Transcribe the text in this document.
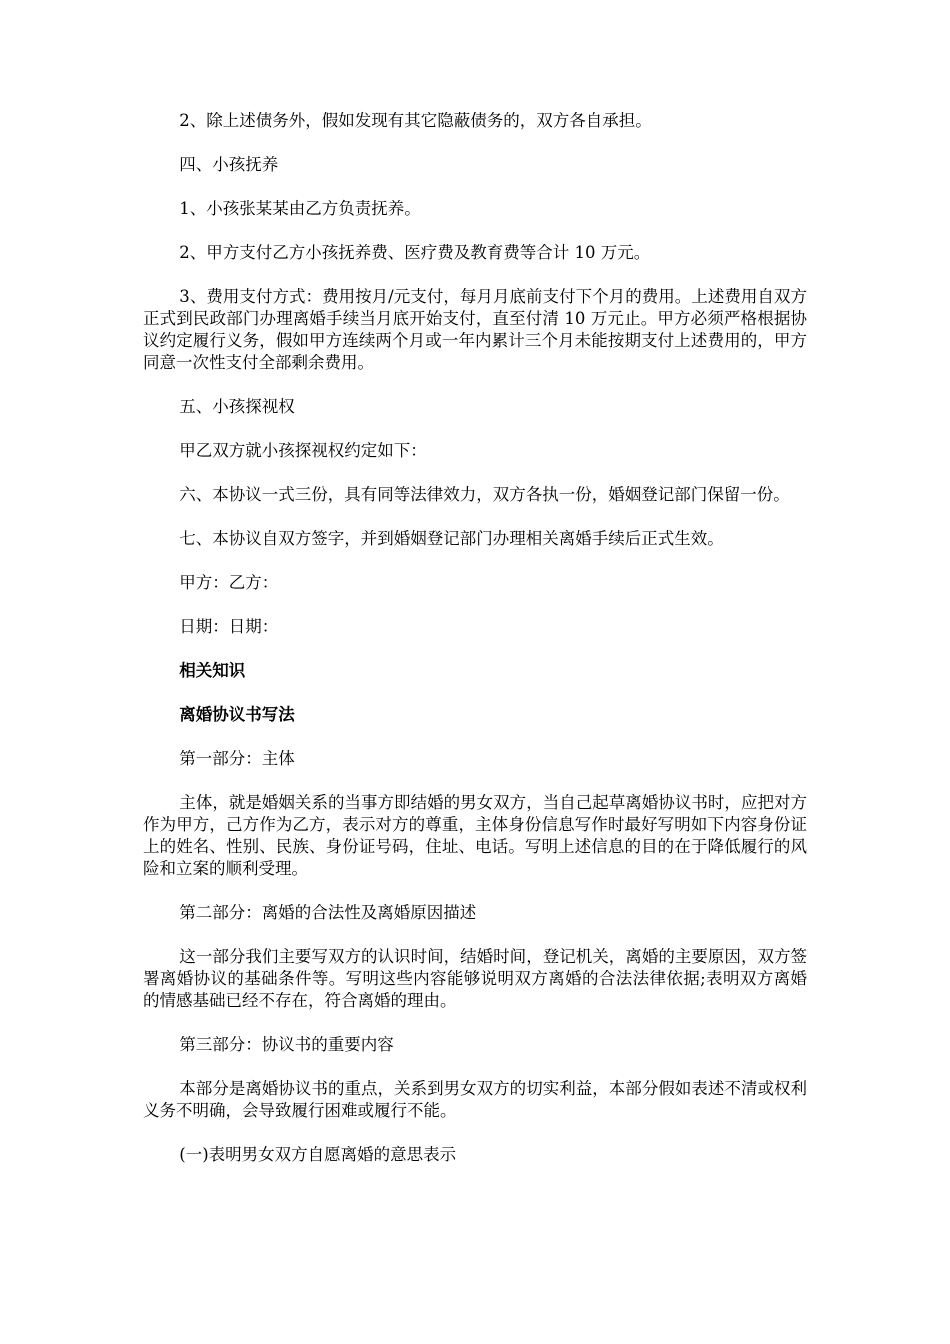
2、除上述债务外，假如发现有其它隐蔽债务的，双方各自承担。

四、小孩抚养

1、小孩张某某由乙方负责抚养。

2、甲方支付乙方小孩抚养费、医疗费及教育费等合计 10 万元。

3、费用支付方式：费用按月/元支付，每月月底前支付下个月的费用。上述费用自双方正式到民政部门办理离婚手续当月底开始支付，直至付清 10 万元止。甲方必须严格根据协议约定履行义务，假如甲方连续两个月或一年内累计三个月未能按期支付上述费用的，甲方同意一次性支付全部剩余费用。

五、小孩探视权

甲乙双方就小孩探视权约定如下：

六、本协议一式三份，具有同等法律效力，双方各执一份，婚姻登记部门保留一份。

七、本协议自双方签字，并到婚姻登记部门办理相关离婚手续后正式生效。

甲方：乙方：

日期：日期：

相关知识

离婚协议书写法

第一部分：主体

主体，就是婚姻关系的当事方即结婚的男女双方，当自己起草离婚协议书时，应把对方作为甲方，己方作为乙方，表示对方的尊重，主体身份信息写作时最好写明如下内容身份证上的姓名、性别、民族、身份证号码，住址、电话。写明上述信息的目的在于降低履行的风险和立案的顺利受理。

第二部分：离婚的合法性及离婚原因描述

这一部分我们主要写双方的认识时间，结婚时间，登记机关，离婚的主要原因，双方签署离婚协议的基础条件等。写明这些内容能够说明双方离婚的合法法律依据;表明双方离婚的情感基础已经不存在，符合离婚的理由。

第三部分：协议书的重要内容

本部分是离婚协议书的重点，关系到男女双方的切实利益，本部分假如表述不清或权利义务不明确，会导致履行困难或履行不能。

(一)表明男女双方自愿离婚的意思表示
